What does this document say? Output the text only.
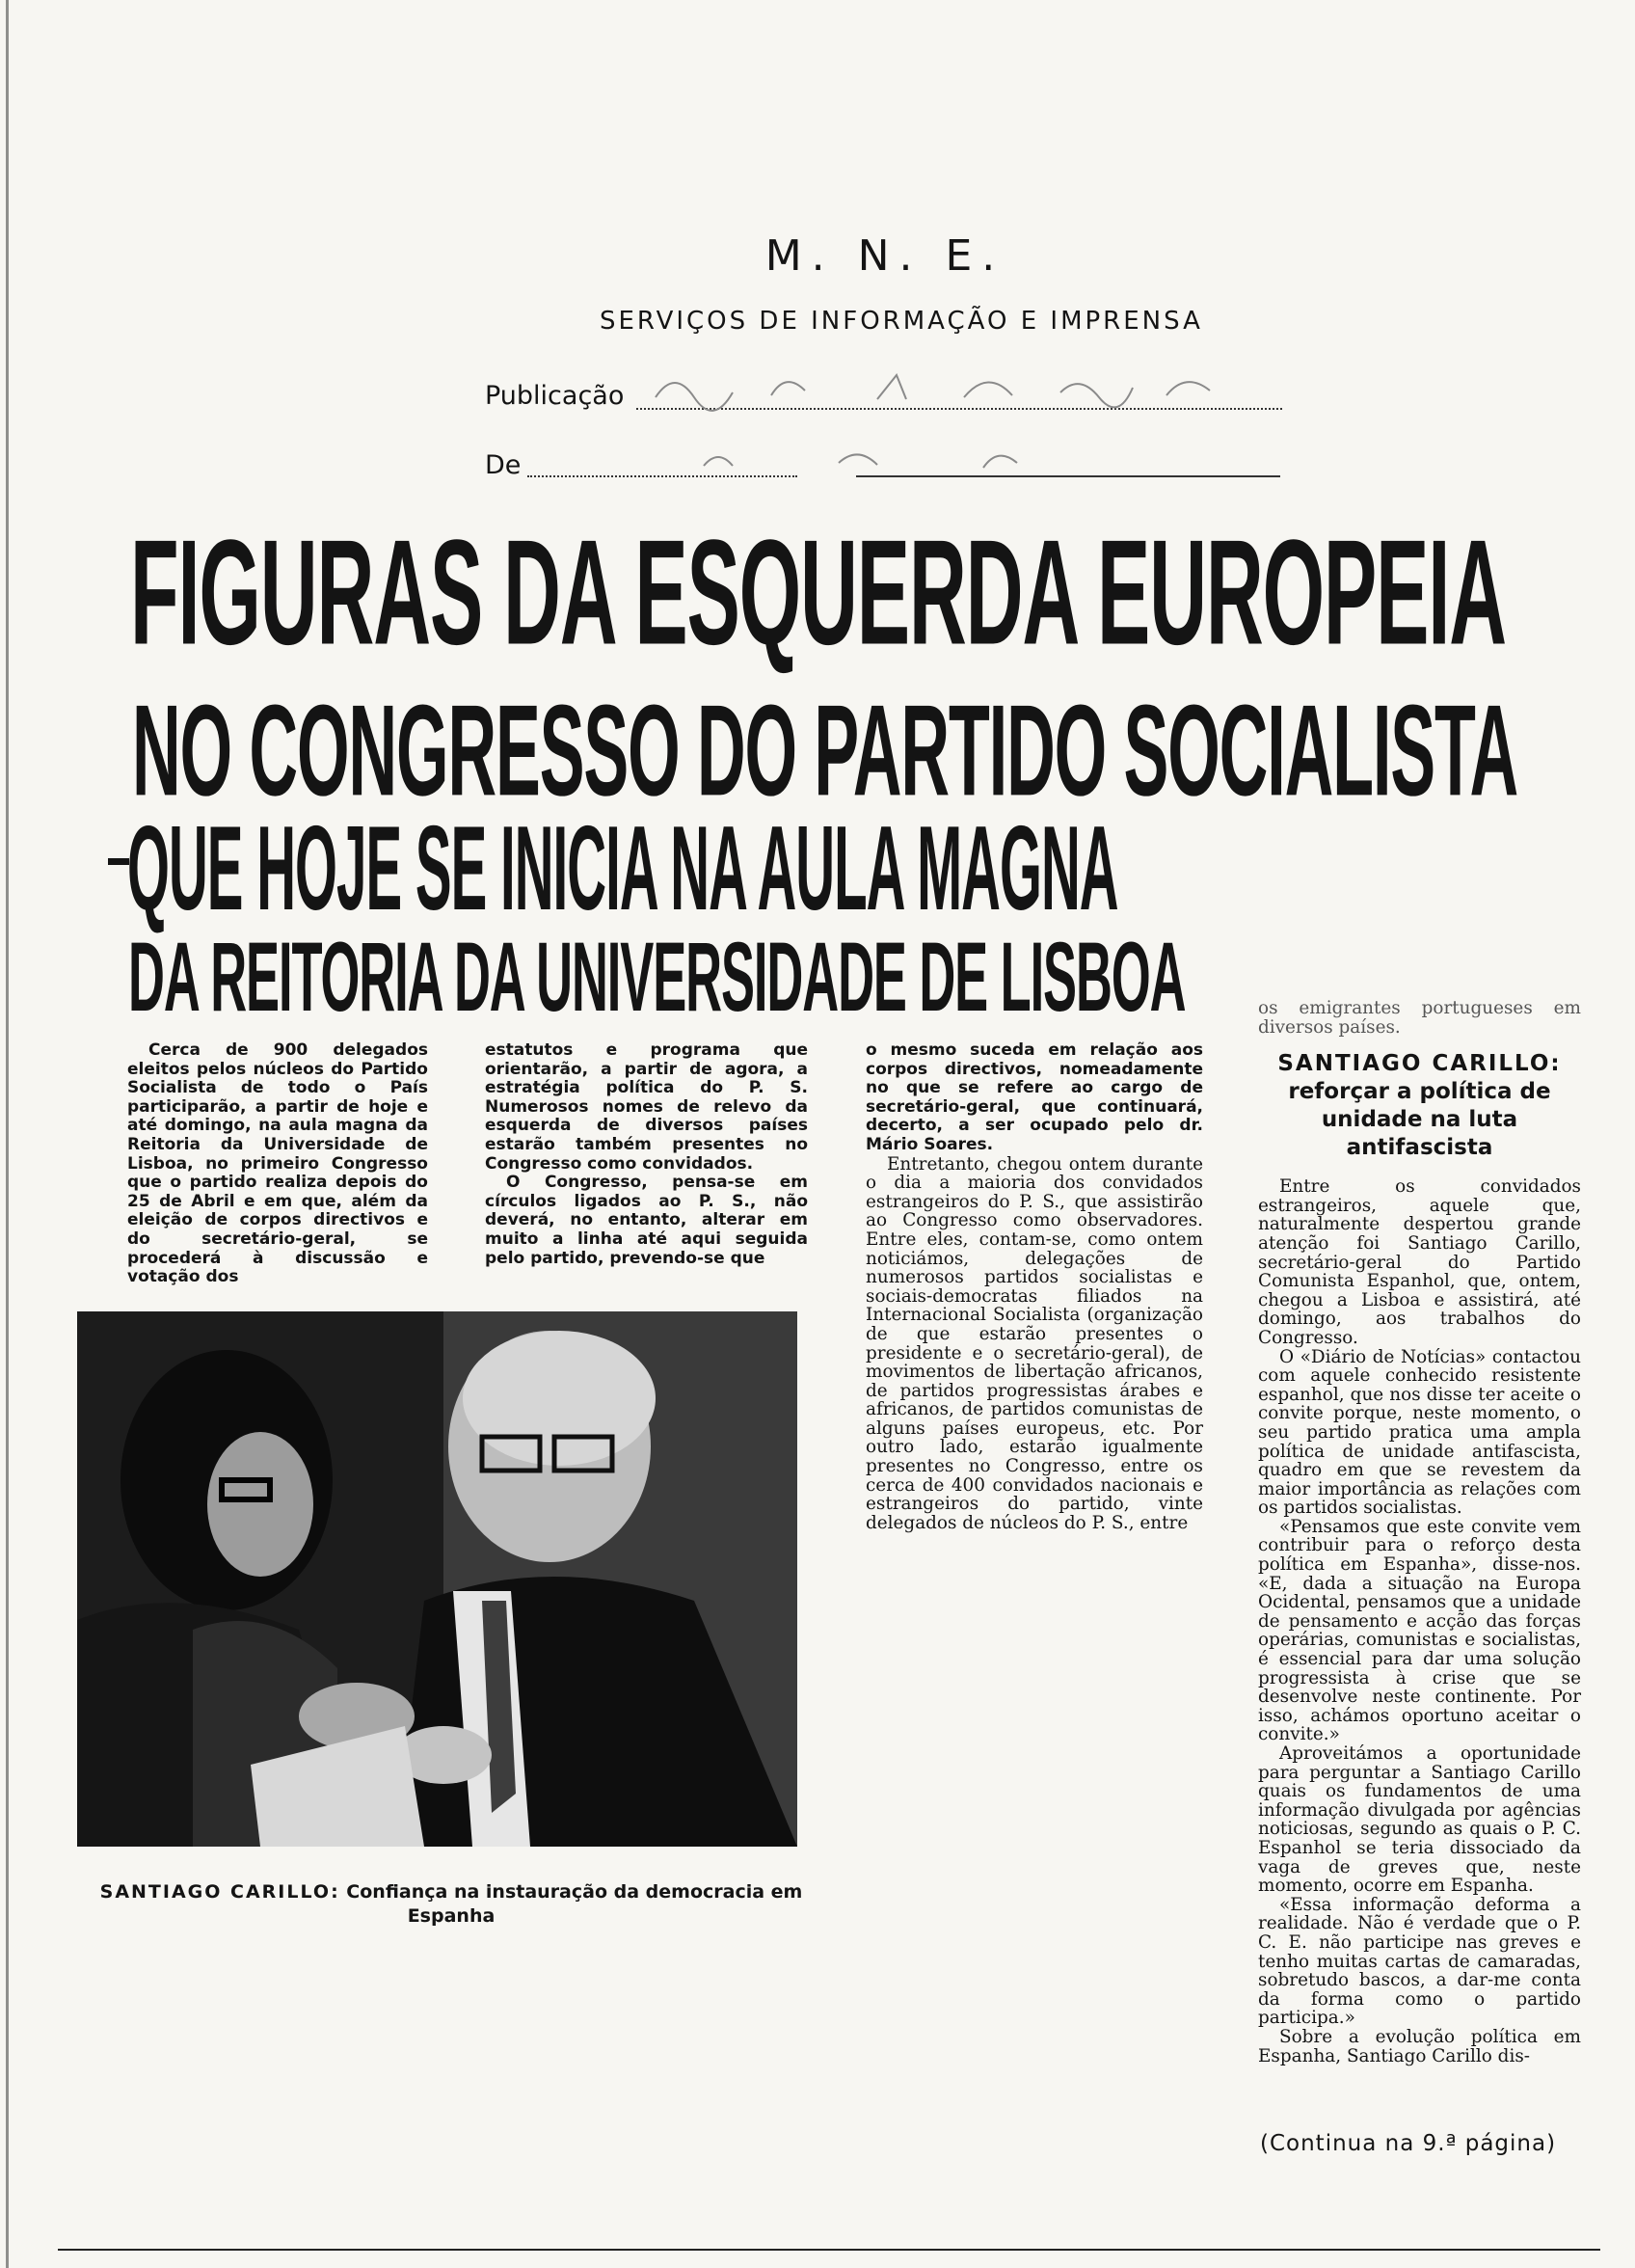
M. N. E.
SERVIÇOS DE INFORMAÇÃO E IMPRENSA
Publicação
De
FIGURAS DA ESQUERDA EUROPEIA
NO CONGRESSO DO PARTIDO SOCIALISTA
QUE HOJE SE INICIA NA AULA MAGNA
DA REITORIA DA UNIVERSIDADE DE LISBOA

Cerca de 900 delegados eleitos pelos núcleos do Partido Socialista de todo o País participarão, a partir de hoje e até domingo, na aula magna da Reitoria da Universidade de Lisboa, no primeiro Congresso que o partido realiza depois do 25 de Abril e em que, além da eleição de corpos directivos e do secretário-geral, se procederá à discussão e votação dos

estatutos e programa que orientarão, a partir de agora, a estratégia política do P. S. Numerosos nomes de relevo da esquerda de diversos países estarão também presentes no Congresso como convidados.

O Congresso, pensa-se em círculos ligados ao P. S., não deverá, no entanto, alterar em muito a linha até aqui seguida pelo partido, prevendo-se que

o mesmo suceda em relação aos corpos directivos, nomeadamente no que se refere ao cargo de secretário-geral, que continuará, decerto, a ser ocupado pelo dr. Mário Soares.

Entretanto, chegou ontem durante o dia a maioria dos convidados estrangeiros do P. S., que assistirão ao Congresso como observadores. Entre eles, contam-se, como ontem noticiámos, delegações de numerosos partidos socialistas e sociais-democratas filiados na Internacional Socialista (organização de que estarão presentes o presidente e o secretário-geral), de movimentos de libertação africanos, de partidos progressistas árabes e africanos, de partidos comunistas de alguns países europeus, etc. Por outro lado, estarão igualmente presentes no Congresso, entre os cerca de 400 convidados nacionais e estrangeiros do partido, vinte delegados de núcleos do P. S., entre

os emigrantes portugueses em diversos países.

SANTIAGO CARILLO:
reforçar a política de unidade na luta antifascista

Entre os convidados estrangeiros, aquele que, naturalmente despertou grande atenção foi Santiago Carillo, secretário-geral do Partido Comunista Espanhol, que, ontem, chegou a Lisboa e assistirá, até domingo, aos trabalhos do Congresso.

O «Diário de Notícias» contactou com aquele conhecido resistente espanhol, que nos disse ter aceite o convite porque, neste momento, o seu partido pratica uma ampla política de unidade antifascista, quadro em que se revestem da maior importância as relações com os partidos socialistas.

«Pensamos que este convite vem contribuir para o reforço desta política em Espanha», disse-nos. «E, dada a situação na Europa Ocidental, pensamos que a unidade de pensamento e acção das forças operárias, comunistas e socialistas, é essencial para dar uma solução progressista à crise que se desenvolve neste continente. Por isso, achámos oportuno aceitar o convite.»

Aproveitámos a oportunidade para perguntar a Santiago Carillo quais os fundamentos de uma informação divulgada por agências noticiosas, segundo as quais o P. C. Espanhol se teria dissociado da vaga de greves que, neste momento, ocorre em Espanha.

«Essa informação deforma a realidade. Não é verdade que o P. C. E. não participe nas greves e tenho muitas cartas de camaradas, sobretudo bascos, a dar-me conta da forma como o partido participa.»

Sobre a evolução política em Espanha, Santiago Carillo dis-

(Continua na 9.ª página)
SANTIAGO CARILLO: Confiança na instauração da democracia em Espanha
